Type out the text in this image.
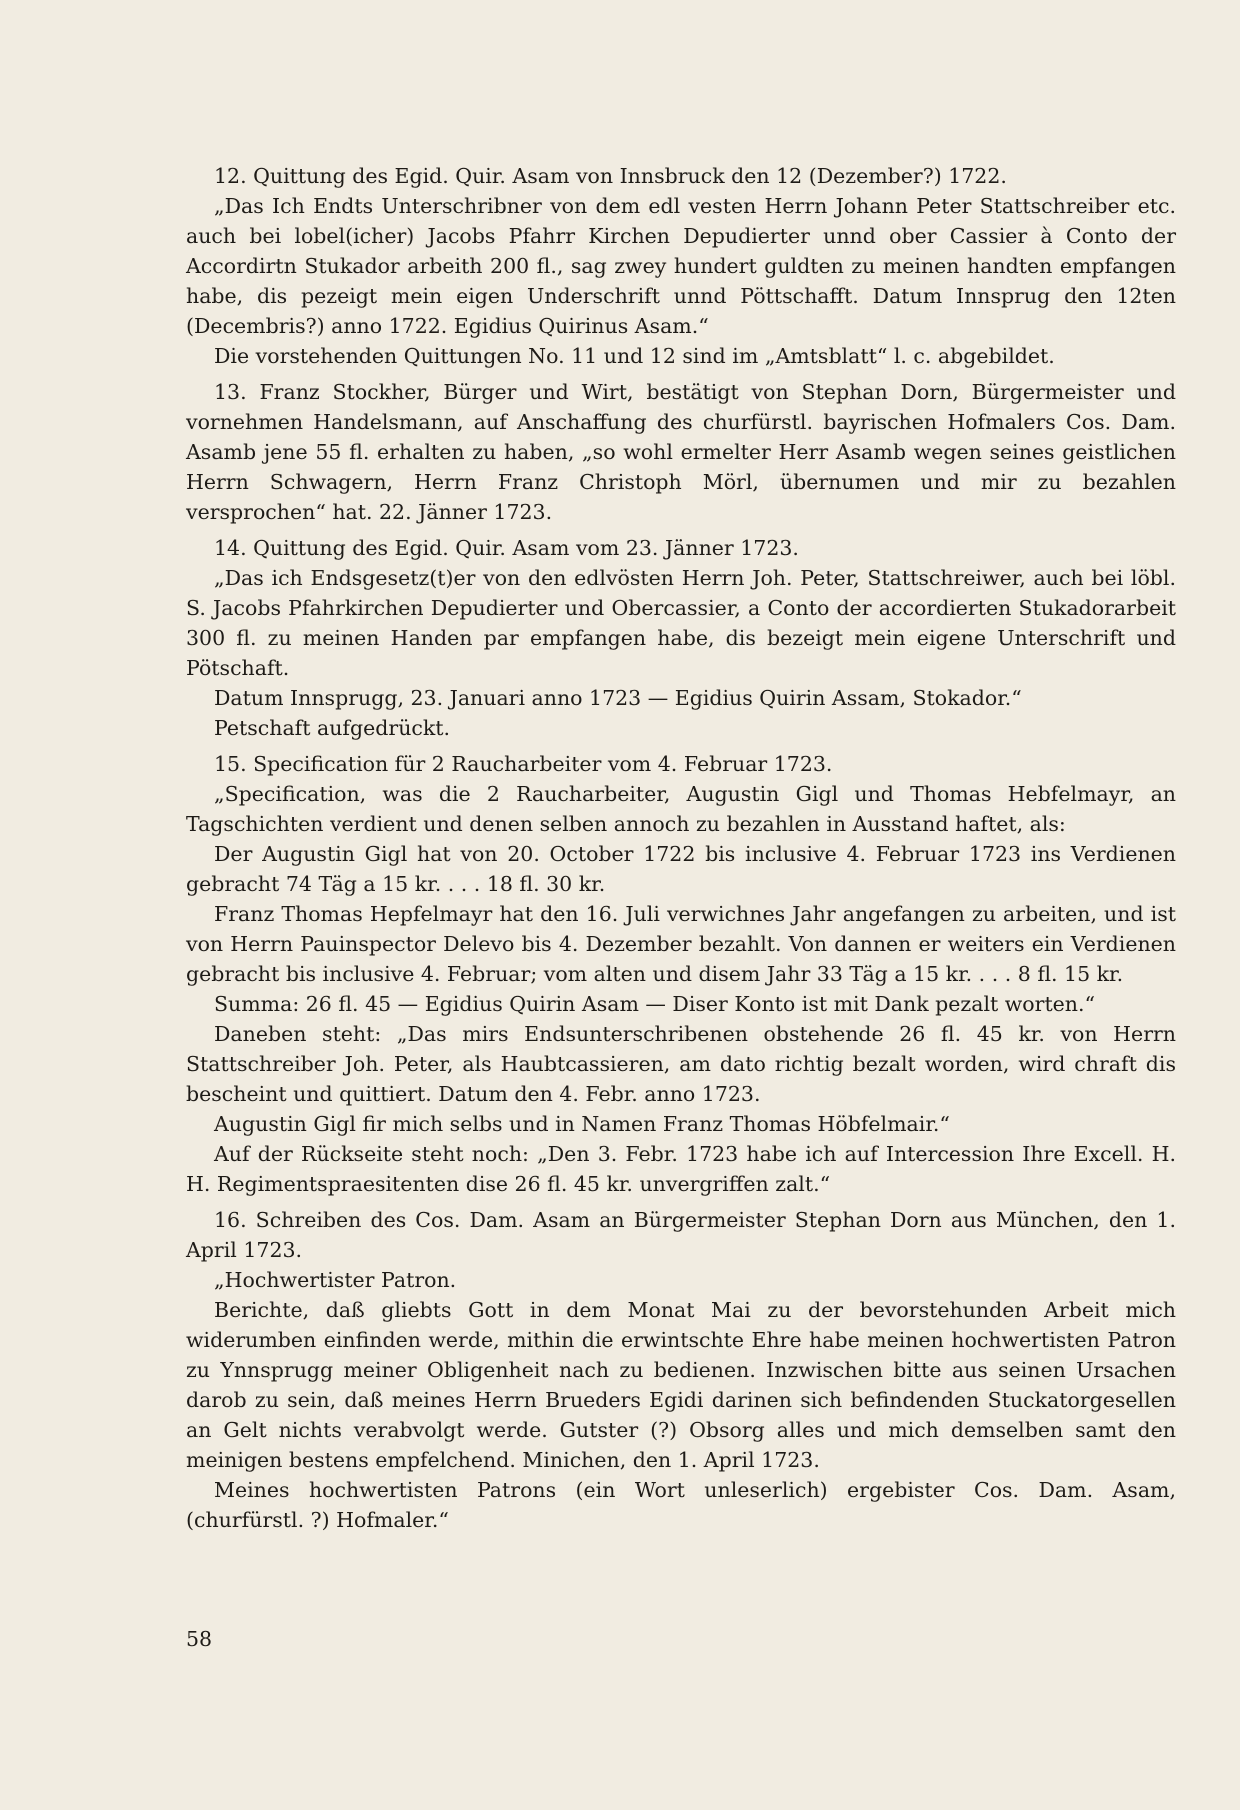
12. Quittung des Egid. Quir. Asam von Innsbruck den 12 (Dezember?) 1722.

„Das Ich Endts Unterschribner von dem edl vesten Herrn Johann Peter Stattschreiber etc. auch bei lobel(icher) Jacobs Pfahrr Kirchen Depudierter unnd ober Cassier à Conto der Accordirtn Stukador arbeith 200 fl., sag zwey hundert guldten zu meinen handten empfangen habe, dis pezeigt mein eigen Underschrift unnd Pöttschafft. Datum Innsprug den 12ten (Decembris?) anno 1722. Egidius Quirinus Asam.“

Die vorstehenden Quittungen No. 11 und 12 sind im „Amtsblatt“ l. c. abgebildet.

13. Franz Stockher, Bürger und Wirt, bestätigt von Stephan Dorn, Bürgermeister und vornehmen Handelsmann, auf Anschaffung des churfürstl. bayrischen Hofmalers Cos. Dam. Asamb jene 55 fl. erhalten zu haben, „so wohl ermelter Herr Asamb wegen seines geistlichen Herrn Schwagern, Herrn Franz Christoph Mörl, übernumen und mir zu bezahlen versprochen“ hat. 22. Jänner 1723.

14. Quittung des Egid. Quir. Asam vom 23. Jänner 1723.

„Das ich Endsgesetz(t)er von den edlvösten Herrn Joh. Peter, Stattschreiwer, auch bei löbl. S. Jacobs Pfahrkirchen Depudierter und Obercassier, a Conto der accordierten Stukadorarbeit 300 fl. zu meinen Handen par empfangen habe, dis bezeigt mein eigene Unterschrift und Pötschaft.

Datum Innsprugg, 23. Januari anno 1723 — Egidius Quirin Assam, Stokador.“

Petschaft aufgedrückt.

15. Specification für 2 Raucharbeiter vom 4. Februar 1723.

„Specification, was die 2 Raucharbeiter, Augustin Gigl und Thomas Hebfelmayr, an Tagschichten verdient und denen selben annoch zu bezahlen in Ausstand haftet, als:

Der Augustin Gigl hat von 20. October 1722 bis inclusive 4. Februar 1723 ins Verdienen gebracht 74 Täg a 15 kr. . . . 18 fl. 30 kr.

Franz Thomas Hepfelmayr hat den 16. Juli verwichnes Jahr angefangen zu arbeiten, und ist von Herrn Pauinspector Delevo bis 4. Dezember bezahlt. Von dannen er weiters ein Verdienen gebracht bis inclusive 4. Februar; vom alten und disem Jahr 33 Täg a 15 kr. . . . 8 fl. 15 kr.

Summa: 26 fl. 45 — Egidius Quirin Asam — Diser Konto ist mit Dank pezalt worten.“

Daneben steht: „Das mirs Endsunterschribenen obstehende 26 fl. 45 kr. von Herrn Stattschreiber Joh. Peter, als Haubtcassieren, am dato richtig bezalt worden, wird chraft dis bescheint und quittiert. Datum den 4. Febr. anno 1723.

Augustin Gigl fir mich selbs und in Namen Franz Thomas Höbfelmair.“

Auf der Rückseite steht noch: „Den 3. Febr. 1723 habe ich auf Intercession Ihre Excell. H. H. Regimentspraesitenten dise 26 fl. 45 kr. unvergriffen zalt.“

16. Schreiben des Cos. Dam. Asam an Bürgermeister Stephan Dorn aus München, den 1. April 1723.

„Hochwertister Patron.

Berichte, daß gliebts Gott in dem Monat Mai zu der bevorstehunden Arbeit mich widerumben einfinden werde, mithin die erwintschte Ehre habe meinen hochwertisten Patron zu Ynnsprugg meiner Obligenheit nach zu bedienen. Inzwischen bitte aus seinen Ursachen darob zu sein, daß meines Herrn Brueders Egidi darinen sich befindenden Stuckatorgesellen an Gelt nichts verabvolgt werde. Gutster (?) Obsorg alles und mich demselben samt den meinigen bestens empfelchend. Minichen, den 1. April 1723.

Meines hochwertisten Patrons (ein Wort unleserlich) ergebister Cos. Dam. Asam, (churfürstl. ?) Hofmaler.“

58
